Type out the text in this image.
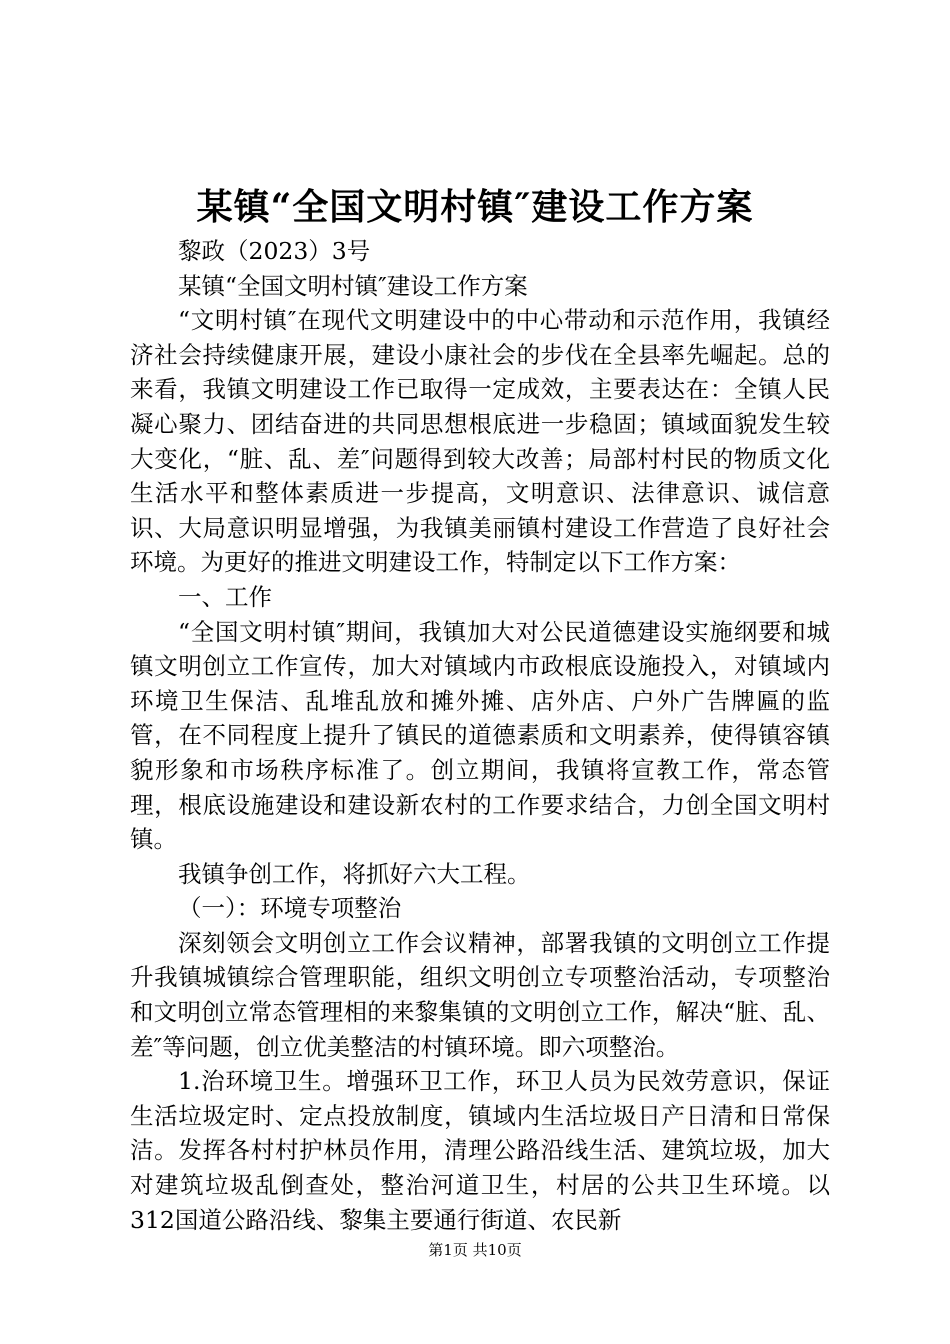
某镇“全国文明村镇″建设工作方案

黎政（2023）3号

某镇“全国文明村镇″建设工作方案

“文明村镇″在现代文明建设中的中心带动和示范作用，我镇经济社会持续健康开展，建设小康社会的步伐在全县率先崛起。总的来看，我镇文明建设工作已取得一定成效，主要表达在：全镇人民凝心聚力、团结奋进的共同思想根底进一步稳固；镇域面貌发生较大变化，“脏、乱、差″问题得到较大改善；局部村村民的物质文化生活水平和整体素质进一步提高，文明意识、法律意识、诚信意识、大局意识明显增强，为我镇美丽镇村建设工作营造了良好社会环境。为更好的推进文明建设工作，特制定以下工作方案：

一、工作

“全国文明村镇″期间，我镇加大对公民道德建设实施纲要和城镇文明创立工作宣传，加大对镇域内市政根底设施投入，对镇域内环境卫生保洁、乱堆乱放和摊外摊、店外店、户外广告牌匾的监管，在不同程度上提升了镇民的道德素质和文明素养，使得镇容镇貌形象和市场秩序标准了。创立期间，我镇将宣教工作，常态管理，根底设施建设和建设新农村的工作要求结合，力创全国文明村镇。

我镇争创工作，将抓好六大工程。

（一）：环境专项整治

深刻领会文明创立工作会议精神，部署我镇的文明创立工作提升我镇城镇综合管理职能，组织文明创立专项整治活动，专项整治和文明创立常态管理相的来黎集镇的文明创立工作，解决“脏、乱、差″等问题，创立优美整洁的村镇环境。即六项整治。

1.治环境卫生。增强环卫工作，环卫人员为民效劳意识，保证生活垃圾定时、定点投放制度，镇域内生活垃圾日产日清和日常保洁。发挥各村村护林员作用，清理公路沿线生活、建筑垃圾，加大对建筑垃圾乱倒查处，整治河道卫生，村居的公共卫生环境。以312国道公路沿线、黎集主要通行街道、农民新

第1页 共10页
